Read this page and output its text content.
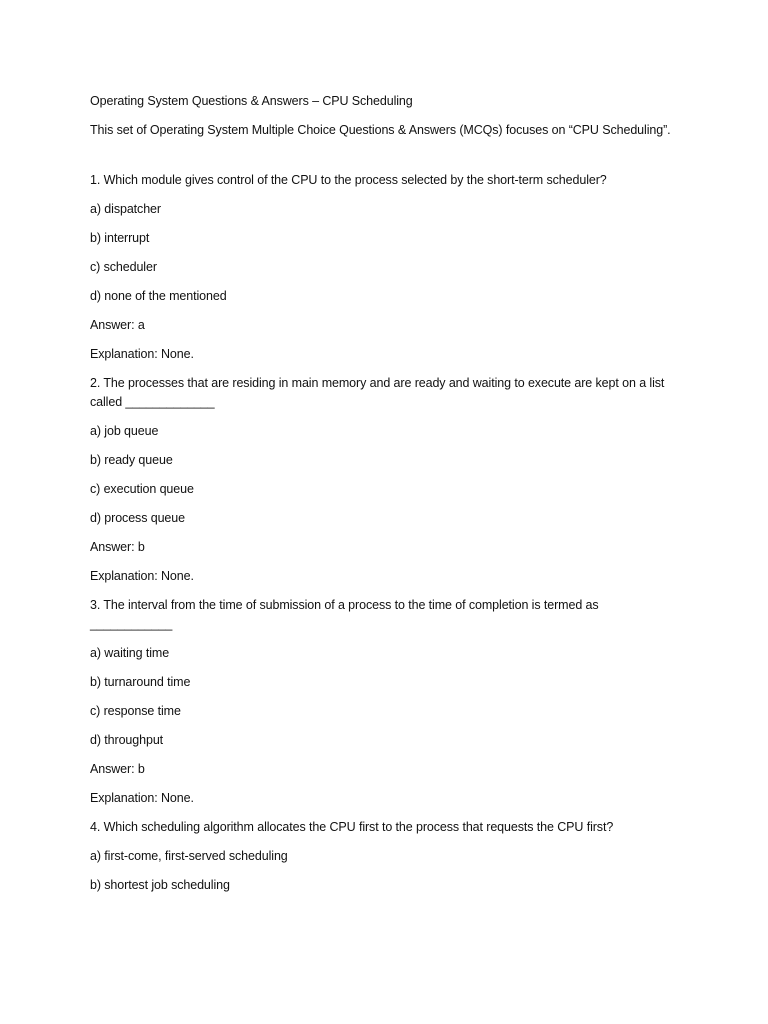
Operating System Questions & Answers – CPU Scheduling

This set of Operating System Multiple Choice Questions & Answers (MCQs) focuses on “CPU Scheduling”.

1. Which module gives control of the CPU to the process selected by the short-term scheduler?

a) dispatcher

b) interrupt

c) scheduler

d) none of the mentioned

Answer: a

Explanation: None.

2. The processes that are residing in main memory and are ready and waiting to execute are kept on a list called _____________

a) job queue

b) ready queue

c) execution queue

d) process queue

Answer: b

Explanation: None.

3. The interval from the time of submission of a process to the time of completion is termed as ____________

a) waiting time

b) turnaround time

c) response time

d) throughput

Answer: b

Explanation: None.

4. Which scheduling algorithm allocates the CPU first to the process that requests the CPU first?

a) first-come, first-served scheduling

b) shortest job scheduling
